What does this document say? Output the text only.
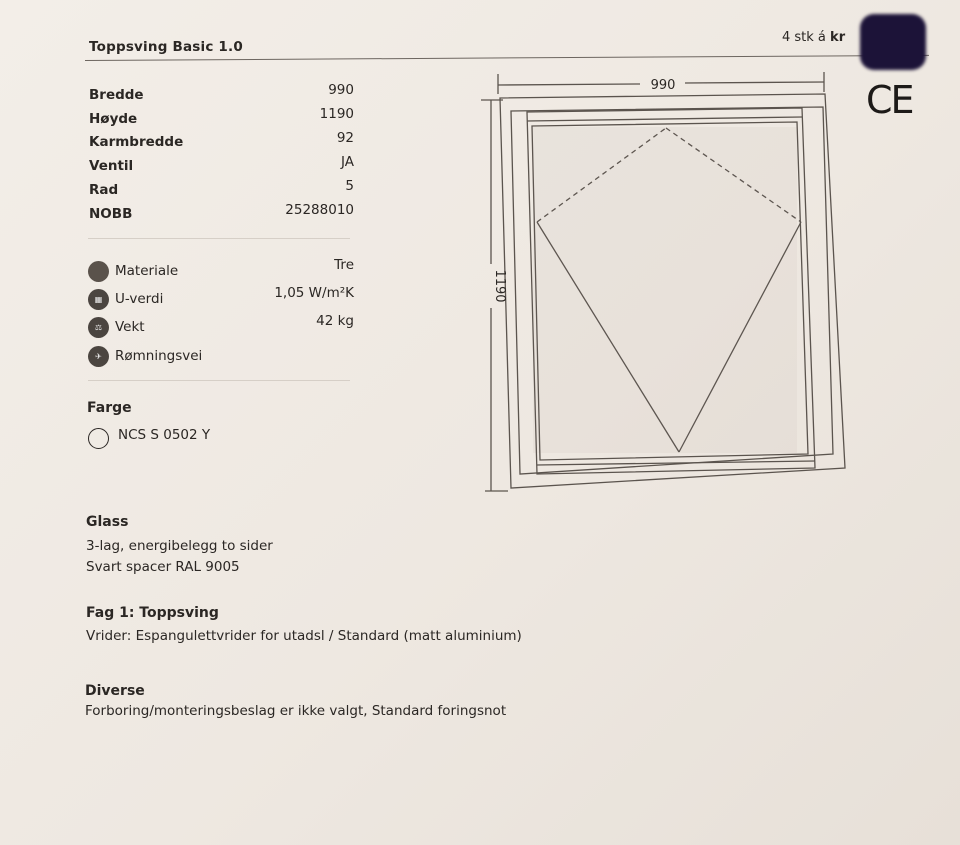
Toppsving Basic 1.0
4 stk á kr
CE
Bredde	990
Høyde	1190
Karmbredde	92
Ventil	JA
Rad	5
NOBB	25288010
Materiale	Tre
▦ U-verdi	1,05 W/m²K
⚖ Vekt	42 kg
✈ Rømningsvei
Farge
NCS S 0502 Y
Glass
3-lag, energibelegg to sider
Svart spacer RAL 9005
Fag 1: Toppsving
Vrider: Espangulettvrider for utadsl / Standard (matt aluminium)
Diverse
Forboring/monteringsbeslag er ikke valgt, Standard foringsnot
990
1190
